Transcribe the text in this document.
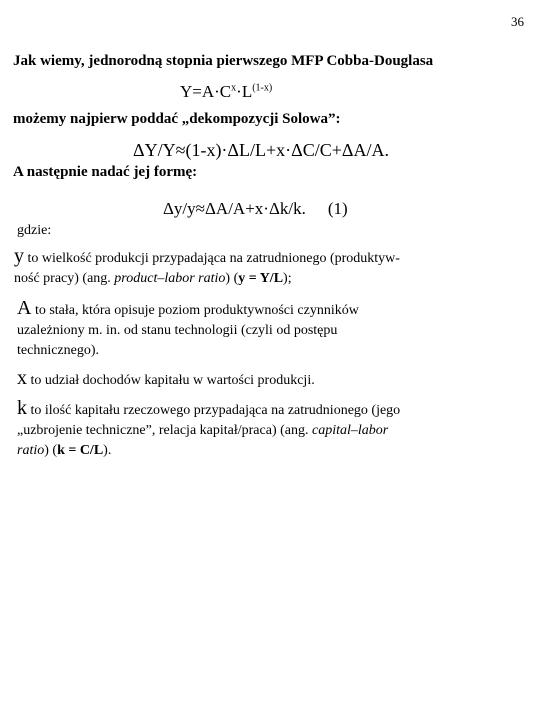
36
Jak wiemy, jednorodną stopnia pierwszego MFP Cobba-Douglasa
$Y=A\cdot C^x\cdot L^{(1-x)}$
możemy najpierw poddać „dekompozycji Solowa”:
ΔY/Y≈(1-x)·ΔL/L+x·ΔC/C+ΔA/A.
A następnie nadać jej formę:
Δy/y≈ΔA/A+x·Δk/k. (1)
gdzie:
y to wielkość produkcji przypadająca na zatrudnionego (produktyw-
ność pracy) (ang. product–labor ratio) (y = Y/L);
A to stała, która opisuje poziom produktywności czynników
uzależniony m. in. od stanu technologii (czyli od postępu
technicznego).
x to udział dochodów kapitału w wartości produkcji.
k to ilość kapitału rzeczowego przypadająca na zatrudnionego (jego
„uzbrojenie techniczne”, relacja kapitał/praca) (ang. capital–labor
ratio) (k = C/L).
